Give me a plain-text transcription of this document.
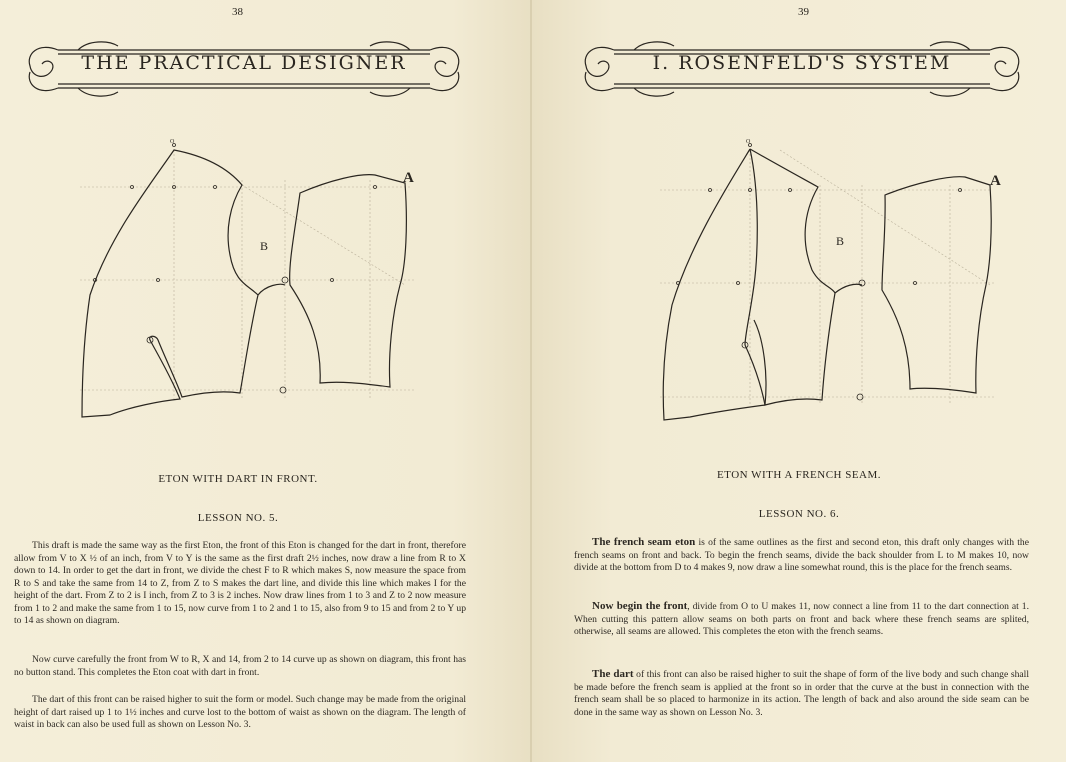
38
THE PRACTICAL DESIGNER
A
B
O
ETON WITH DART IN FRONT.
LESSON NO. 5.

This draft is made the same way as the first Eton, the front of this Eton is changed for the dart in front, therefore allow from V to X ½ of an inch, from V to Y is the same as the first draft 2½ inches, now draw a line from R to X down to 14. In order to get the dart in front, we divide the chest F to R which makes S, now measure the space from R to S and take the same from 14 to Z, from Z to S makes the dart line, and divide this line which makes I for the height of the dart. From Z to 2 is I inch, from Z to 3 is 2 inches. Now draw lines from 1 to 3 and Z to 2 now measure from 1 to 2 and make the same from 1 to 15, now curve from 1 to 2 and 1 to 15, also from 9 to 15 and from 2 to Y up to 14 as shown on diagram.

Now curve carefully the front from W to R, X and 14, from 2 to 14 curve up as shown on diagram, this front has no button stand. This completes the Eton coat with dart in front.

The dart of this front can be raised higher to suit the form or model. Such change may be made from the original height of dart raised up 1 to 1½ inches and curve lost to the bottom of waist as shown on the diagram. The length of waist in back can also be used full as shown on Lesson No. 3.

39
I. ROSENFELD'S SYSTEM
A
B
O
ETON WITH A FRENCH SEAM.
LESSON NO. 6.

The french seam eton is of the same outlines as the first and second eton, this draft only changes with the french seams on front and back. To begin the french seams, divide the back shoulder from L to M makes 10, now divide at the bottom from D to 4 makes 9, now draw a line somewhat round, this is the place for the french seams.

Now begin the front, divide from O to U makes 11, now connect a line from 11 to the dart connection at 1. When cutting this pattern allow seams on both parts on front and back where these french seams are splited, otherwise, all seams are allowed. This completes the eton with the french seams.

The dart of this front can also be raised higher to suit the shape of form of the live body and such change shall be made before the french seam is applied at the front so in order that the curve at the bust in connection with the french seam shall be so placed to harmonize in its action. The length of back and also around the side seam can be done in the same way as shown on Lesson No. 3.
